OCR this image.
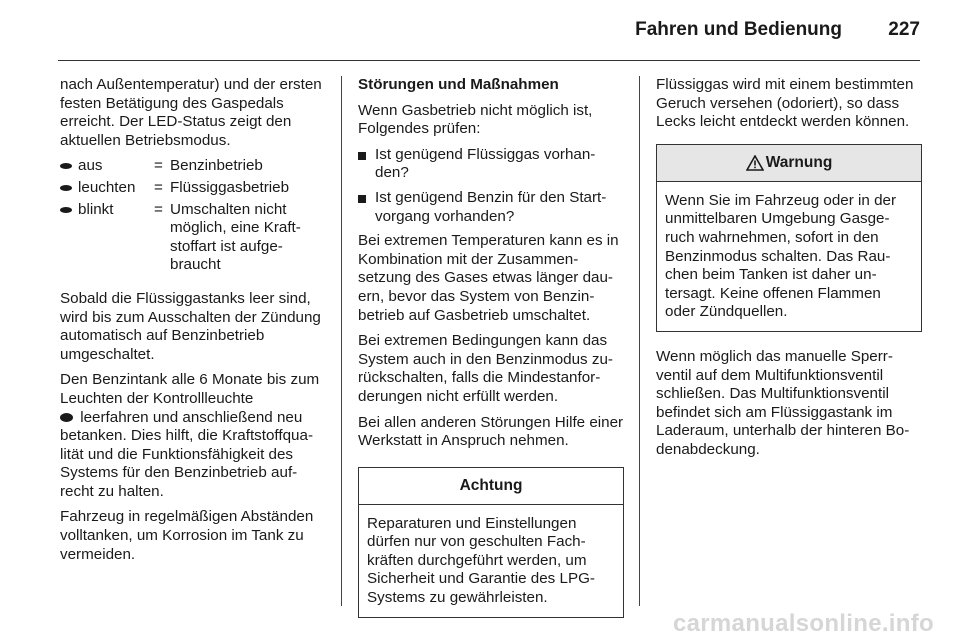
Fahren und Bedienung 227

nach Außentemperatur) und der ersten festen Betätigung des Gaspedals erreicht. Der LED-Status zeigt den aktuellen Betriebsmodus.

aus	=	Benzinbetrieb
leuchten	=	Flüssiggasbetrieb
blinkt	=	Umschalten nicht möglich, eine Kraftstoffart ist aufgebraucht

Sobald die Flüssiggastanks leer sind, wird bis zum Ausschalten der Zündung automatisch auf Benzinbetrieb umgeschaltet.

Den Benzintank alle 6 Monate bis zum Leuchten der Kontrollleuchte
leerfahren und anschließend neu betanken. Dies hilft, die Kraftstoffqualität und die Funktionsfähigkeit des Systems für den Benzinbetrieb aufrecht zu halten.

Fahrzeug in regelmäßigen Abständen volltanken, um Korrosion im Tank zu vermeiden.

Störungen und Maßnahmen

Wenn Gasbetrieb nicht möglich ist, Folgendes prüfen:

Ist genügend Flüssiggas vorhanden?
Ist genügend Benzin für den Startvorgang vorhanden?

Bei extremen Temperaturen kann es in Kombination mit der Zusammensetzung des Gases etwas länger dauern, bevor das System von Benzinbetrieb auf Gasbetrieb umschaltet.

Bei extremen Bedingungen kann das System auch in den Benzinmodus zurückschalten, falls die Mindestanforderungen nicht erfüllt werden.

Bei allen anderen Störungen Hilfe einer Werkstatt in Anspruch nehmen.

Achtung
Reparaturen und Einstellungen dürfen nur von geschulten Fachkräften durchgeführt werden, um Sicherheit und Garantie des LPG-Systems zu gewährleisten.

Flüssiggas wird mit einem bestimmten Geruch versehen (odoriert), so dass Lecks leicht entdeckt werden können.

Warnung
Wenn Sie im Fahrzeug oder in der unmittelbaren Umgebung Gasgeruch wahrnehmen, sofort in den Benzinmodus schalten. Das Rauchen beim Tanken ist daher untersagt. Keine offenen Flammen oder Zündquellen.

Wenn möglich das manuelle Sperrventil auf dem Multifunktionsventil schließen. Das Multifunktionsventil befindet sich am Flüssiggastank im Laderaum, unterhalb der hinteren Bodenabdeckung.

carmanualsonline.info
